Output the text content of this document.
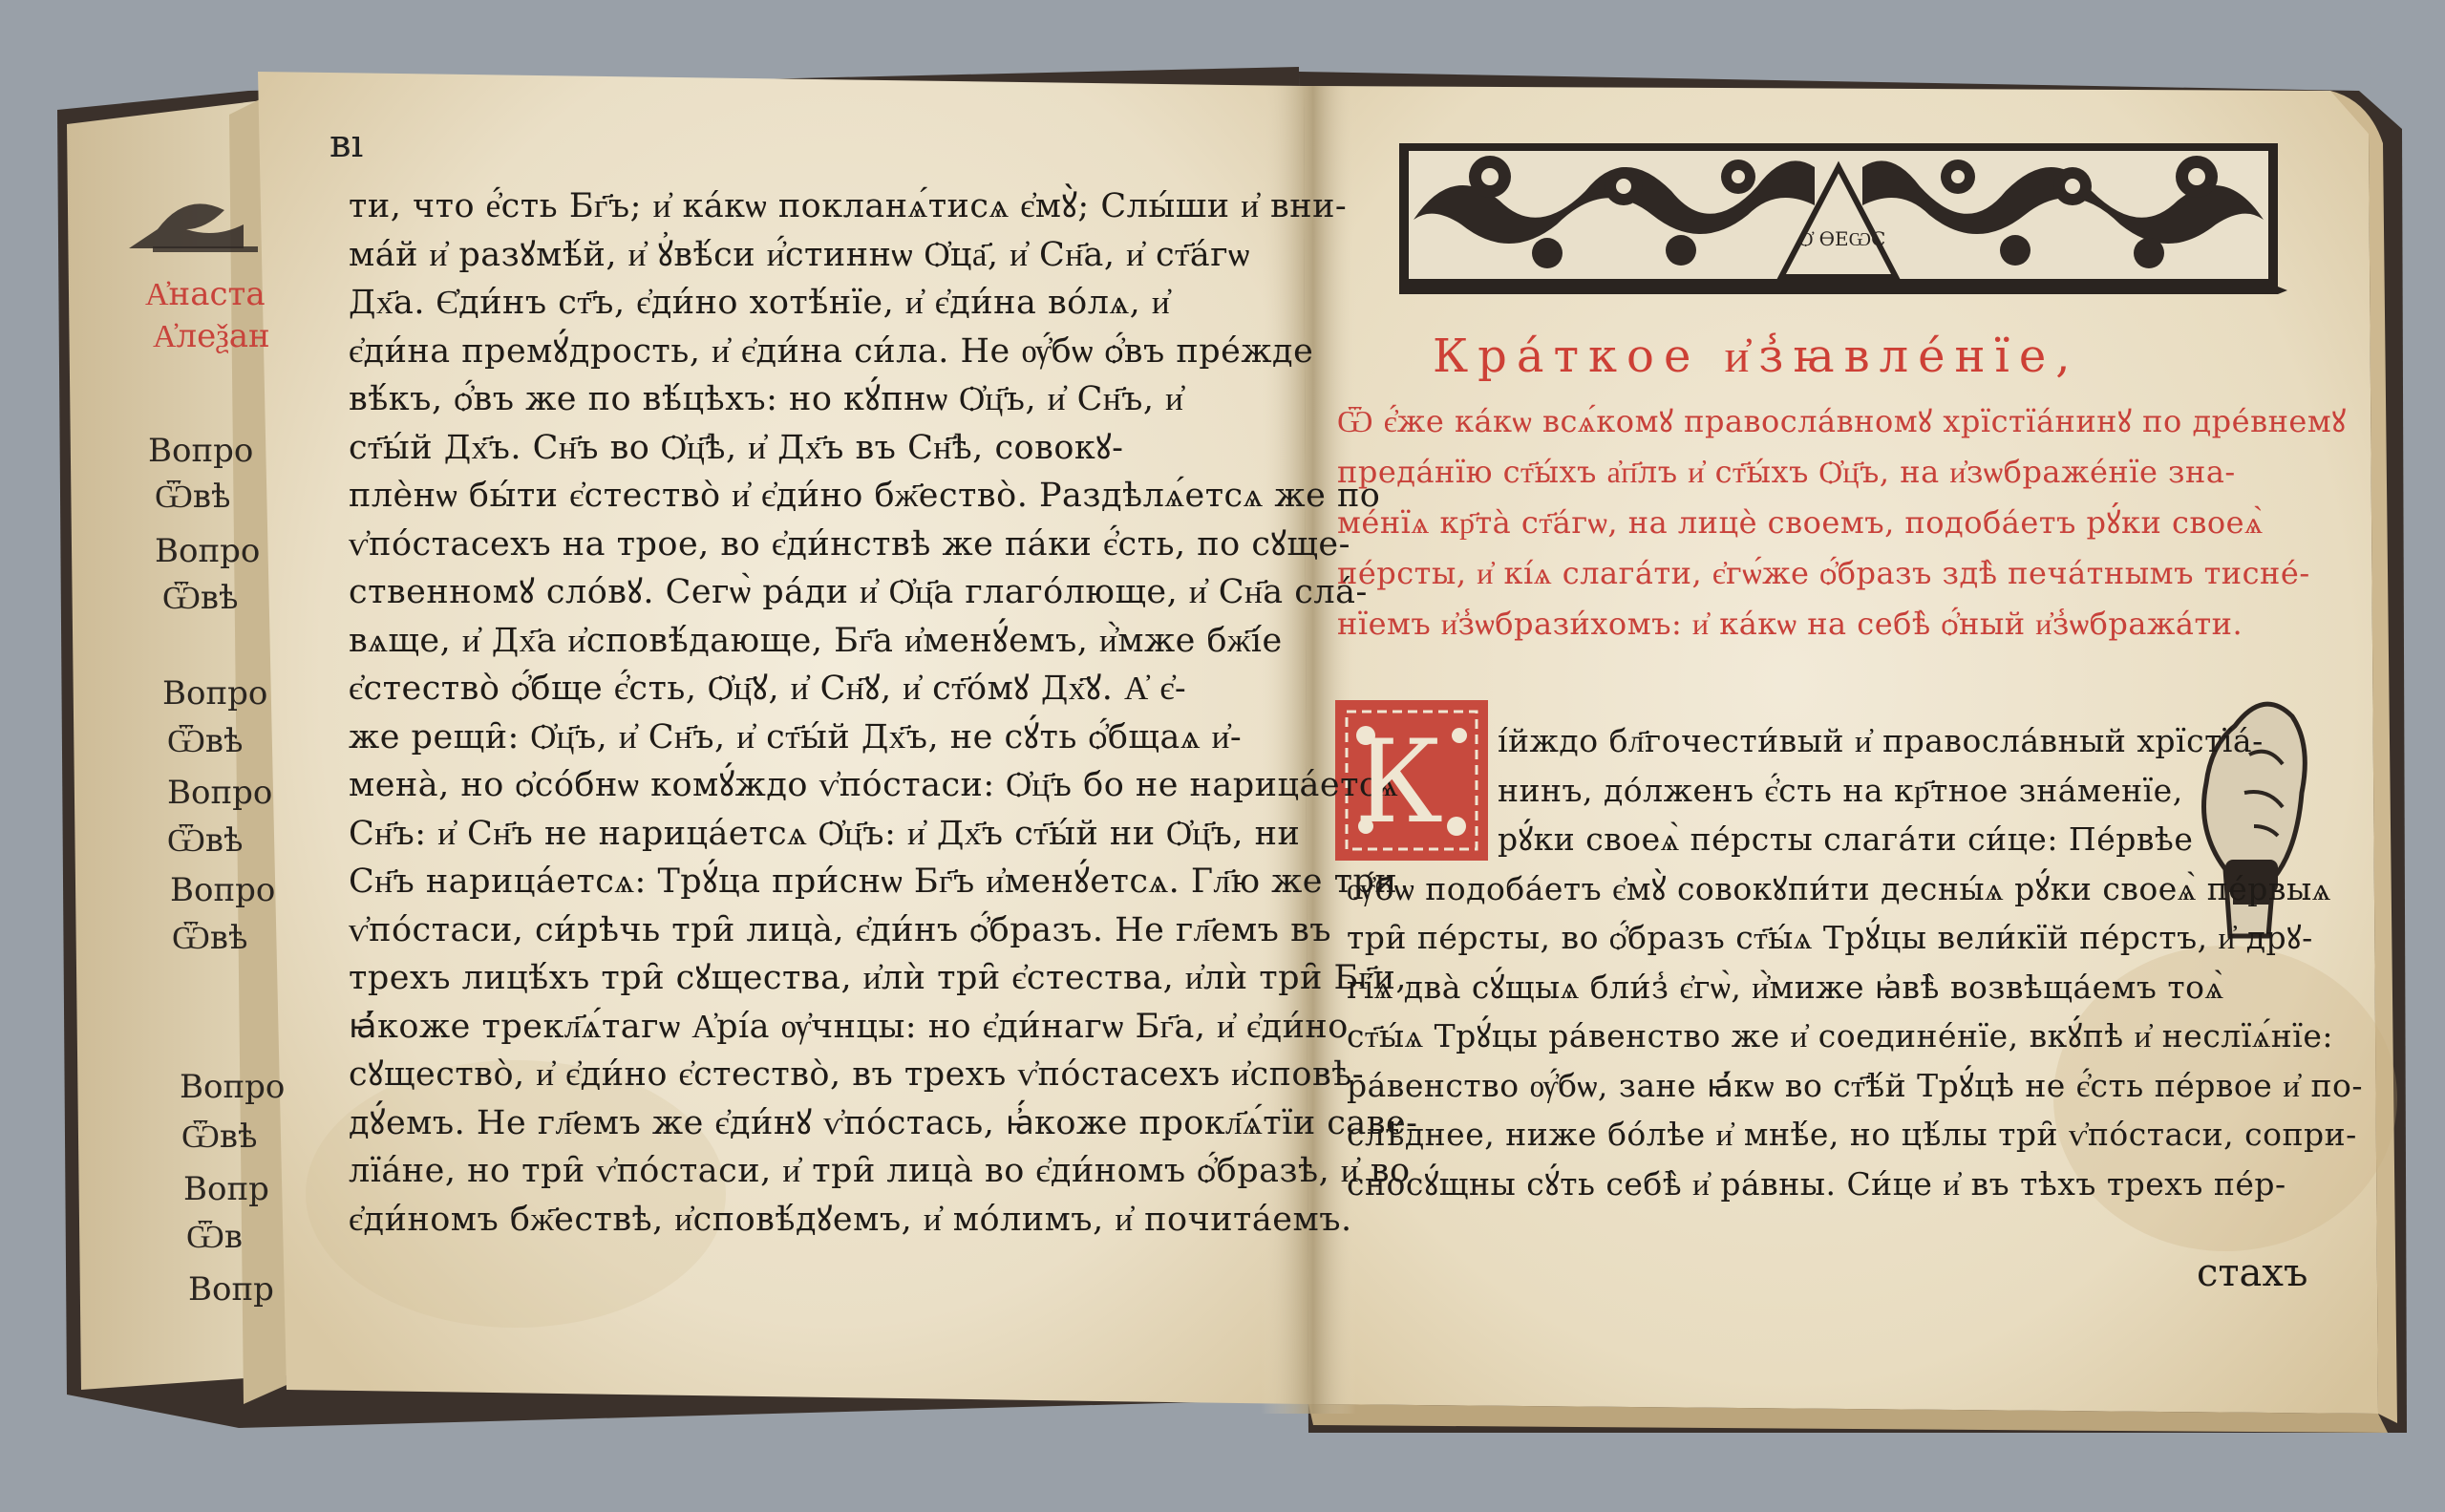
А҆наста
А҆леѯан
Вопро
Ѿвѣ
Вопро
Ѿвѣ
Вопро
Ѿвѣ
Вопро
Ѿвѣ
Вопро
Ѿвѣ
Вопро
Ѿвѣ
Вопр
Ѿв
Вопр
вı
ти, что е҆́сть Бг҃ъ; и҆ ка́кѡ покланѧ́тисѧ є҆мꙋ̀; Слы́ши и҆ вни-
ма́й и҆ разꙋмѣ́й, и҆ ꙋ҆вѣ́си и҆́стиннѡ Ѻ҆ца҃, и҆ Сн҃а, и҆ ст҃а́гѡ
Дх҃а. Є҆ди́нъ ст҃ъ, є҆ди́но хотѣ́нїе, и҆ є҆ди́на во́лѧ, и҆
є҆ди́на премꙋ́дрость, и҆ є҆ди́на си́ла. Не ѹ҆́бѡ ѻ҆́въ пре́жде
вѣ́къ, ѻ҆́въ же по вѣ́цѣхъ: но кꙋ́пнѡ Ѻ҆ц҃ъ, и҆ Сн҃ъ, и҆
ст҃ы́й Дх҃ъ. Сн҃ъ во Ѻ҆ц҃ѣ, и҆ Дх҃ъ въ Сн҃ѣ, совокꙋ-
плѐнѡ бы́ти є҆стество̀ и҆ є҆ди́но бж҃ество̀. Раздѣлѧ́етсѧ же по
ѵ҆по́стасехъ на трое, во є҆ди́нствѣ же па́ки є҆́сть, по сꙋще-
ственномꙋ сло́вꙋ. Сегѡ̀ ра́ди и҆ Ѻ҆ц҃а глаго́люще, и҆ Сн҃а сла́-
вѧще, и҆ Дх҃а и҆сповѣ́дающе, Бг҃а и҆менꙋ́емъ, и҆̀мже бж҃і́е
є҆стество̀ ѻ҆́бще є҆́сть, Ѻ҆ц҃ꙋ, и҆ Сн҃ꙋ, и҆ ст҃о́мꙋ Дх҃ꙋ. А҆ є҆-
же рещи̑: Ѻ҆ц҃ъ, и҆ Сн҃ъ, и҆ ст҃ы́й Дх҃ъ, не сꙋ́ть ѻ҆́бщаѧ и҆-
мена̀, но ѻ҆со́бнѡ комꙋ́ждо ѵ҆по́стаси: Ѻ҆ц҃ъ бо не нарица́етсѧ
Сн҃ъ: и҆ Сн҃ъ не нарица́етсѧ Ѻ҆ц҃ъ: и҆ Дх҃ъ ст҃ы́й ни Ѻ҆ц҃ъ, ни
Сн҃ъ нарица́етсѧ: Трꙋ́ца при́снѡ Бг҃ъ и҆менꙋ́етсѧ. Гл҃ю же три
ѵ҆по́стаси, си́рѣчь три̑ лица̀, є҆ди́нъ ѻ҆́бразъ. Не гл҃емъ въ
трехъ лицѣ́хъ три̑ сꙋщества, и҆лѝ три̑ є҆стества, и҆лѝ три̑ Бг҃и,
ꙗ҆́коже трекл҃ѧ́тагѡ А҆рі́а ѹ҆чнцы: но є҆ди́нагѡ Бг҃а, и҆ є҆ди́но
сꙋщество̀, и҆ є҆ди́но є҆стество̀, въ трехъ ѵ҆по́стасехъ и҆сповѣ-
дꙋ́емъ. Не гл҃емъ же є҆ди́нꙋ ѵ҆по́стась, ꙗ҆́коже прокл҃ѧ́тїи саве-
лїа́не, но три̑ ѵ҆по́стаси, и҆ три̑ лица̀ во є҆ди́номъ ѻ҆́бразѣ, и҆ во
є҆ди́номъ бж҃ествѣ, и҆сповѣ́дꙋемъ, и҆ мо́лимъ, и҆ почита́емъ.
Кра́ткое и҆з̾ꙗвле́нїе,
Ѿ є҆́же ка́кѡ всѧ́комꙋ правосла́вномꙋ хрїстїа́нинꙋ по дре́внемꙋ
преда́нїю ст҃ы́хъ а҆п҃лъ и҆ ст҃ы́хъ Ѻ҆ц҃ъ, на и҆зѡбраже́нїе зна-
ме́нїѧ кр҃та̀ ст҃а́гѡ, на лицѐ своемъ, подоба́етъ рꙋ́ки своеѧ̀
пе́рсты, и҆ кі́ѧ слага́ти, є҆гѡ́же ѻ҆́бразъ здѣ̀ печа́тнымъ тисне́-
нїемъ и҆з̾ѡбрази́хомъ: и҆ ка́кѡ на себѣ̀ ѻ҆́ный и҆з̾ѡбража́ти.
і́йждо бл҃гочести́вый и҆ правосла́вный хрїстїа́-
нинъ, до́лженъ є҆́сть на кр҃тное зна́менїе,
рꙋ́ки своеѧ̀ пе́рсты слага́ти си́це: Пе́рвѣе
ѹ҆́бѡ подоба́етъ є҆мꙋ̀ совокꙋпи́ти десны́ѧ рꙋ́ки своеѧ̀ пе́рвыѧ
три̑ пе́рсты, во ѻ҆́бразъ ст҃ы́ѧ Трꙋ́цы вели́кїй пе́рстъ, и҆ дрꙋ-
гі́ѧ два̀ сꙋ́щыѧ бли́з̾ є҆гѡ̀, и҆̀миже ꙗ҆вѣ̀ возвѣща́емъ тоѧ̀
ст҃ы́ѧ Трꙋ́цы ра́венство же и҆ соедине́нїе, вкꙋ́пѣ и҆ неслїѧ́нїе:
ра́венство ѹ҆́бѡ, зане ꙗ҆́кѡ во ст҃ѣ́й Трꙋ́цѣ не є҆́сть пе́рвое и҆ по-
слѣ́днее, ниже бо́лѣе и҆ мнѣ́е, но цѣ́лы три̑ ѵ҆по́стаси, сопри-
сносꙋ́щны сꙋ́ть себѣ̀ и҆ ра́вны. Си́це и҆ въ тѣхъ трехъ пе́р-
К
Ѻ҆ ѲЕѠС
стахъ
